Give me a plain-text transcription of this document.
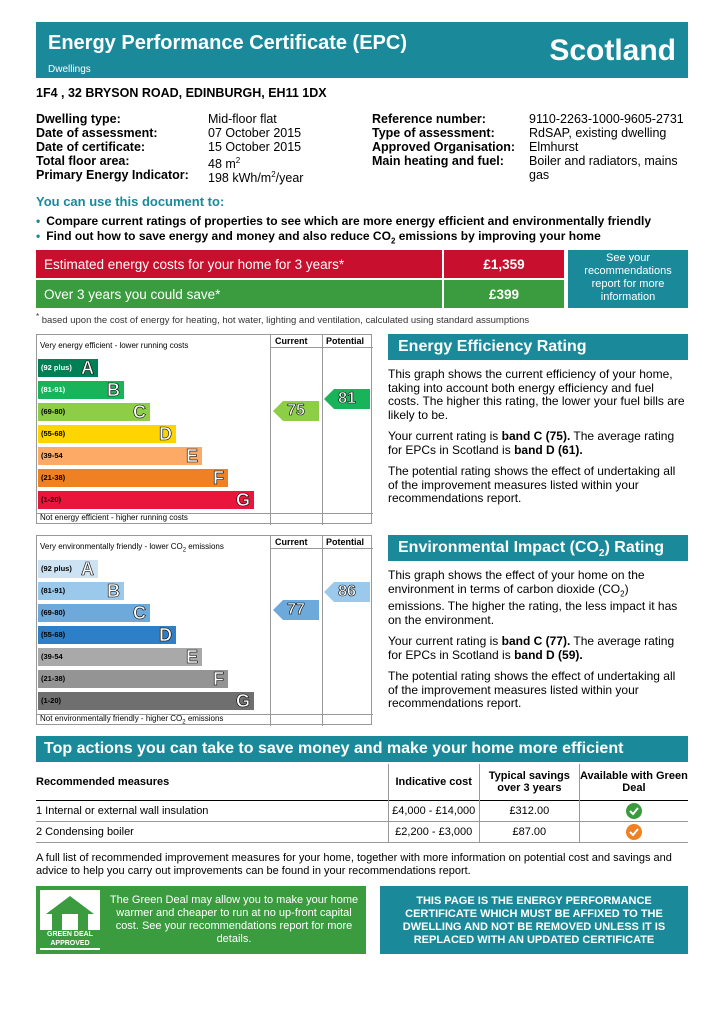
Energy Performance Certificate (EPC)
Dwellings
Scotland
1F4 , 32 BRYSON ROAD, EDINBURGH, EH11 1DX
Dwelling type:	Mid-floor flat
Date of assessment:	07 October 2015
Date of certificate:	15 October 2015
Total floor area:	48 $m^2$
Primary Energy Indicator: 198 kWh/$m^2$/year
Reference number:	9110-2263-1000-9605-2731
Type of assessment:	RdSAP, existing dwelling
Approved Organisation: Elmhurst
Main heating and fuel: Boiler and radiators, mains
gas
You can use this document to:
• Compare current ratings of properties to see which are more energy efficient and environmentally friendly
• Find out how to save energy and money and also reduce $CO_2$ emissions by improving your home
Estimated energy costs for your home for 3 years*	£1,359
Over 3 years you could save*	£399
See your recommendations report for more information
* based upon the cost of energy for heating, hot water, lighting and ventilation, calculated using standard assumptions
Current Potential
Very energy efficient - lower running costs
Not energy efficient - higher running costs
(92 plus) A
(81-91) B
(69-80)	C
(55-68)	D
(39-54	E
(21-38)	F
(1-20)	G
75
81
Current Potential
Very environmentally friendly - lower $CO_2$ emissions
Not environmentally friendly - higher $CO_2$ emissions
(92 plus) A
(81-91) B
(69-80)	C
(55-68)	D
(39-54	E
(21-38)	F
(1-20)	G
77
86
Energy Efficiency Rating

This graph shows the current efficiency of your home, taking into account both energy efficiency and fuel costs. The higher this rating, the lower your fuel bills are likely to be.

Your current rating is band C (75). The average rating for EPCs in Scotland is band D (61).

The potential rating shows the effect of undertaking all of the improvement measures listed within your recommendations report.

Environmental Impact $(CO_2)$ Rating

This graph shows the effect of your home on the environment in terms of carbon dioxide $(CO_2)$ emissions. The higher the rating, the less impact it has on the environment.

Your current rating is band C (77). The average rating for EPCs in Scotland is band D (59).

The potential rating shows the effect of undertaking all of the improvement measures listed within your recommendations report.

Top actions you can take to save money and make your home more efficient
Recommended measures	Indicative cost	Typical savings over 3 years	Available with Green Deal
1 Internal or external wall insulation	£4,000 - £14,000	£312.00	
2 Condensing boiler	£2,200 - £3,000	£87.00	
A full list of recommended improvement measures for your home, together with more information on potential cost and savings and advice to help you carry out improvements can be found in your recommendations report.
GREEN DEAL
APPROVED
The Green Deal may allow you to make your home warmer and cheaper to run at no up-front capital cost. See your recommendations report for more details.
THIS PAGE IS THE ENERGY PERFORMANCE CERTIFICATE WHICH MUST BE AFFIXED TO THE DWELLING AND NOT BE REMOVED UNLESS IT IS REPLACED WITH AN UPDATED CERTIFICATE
